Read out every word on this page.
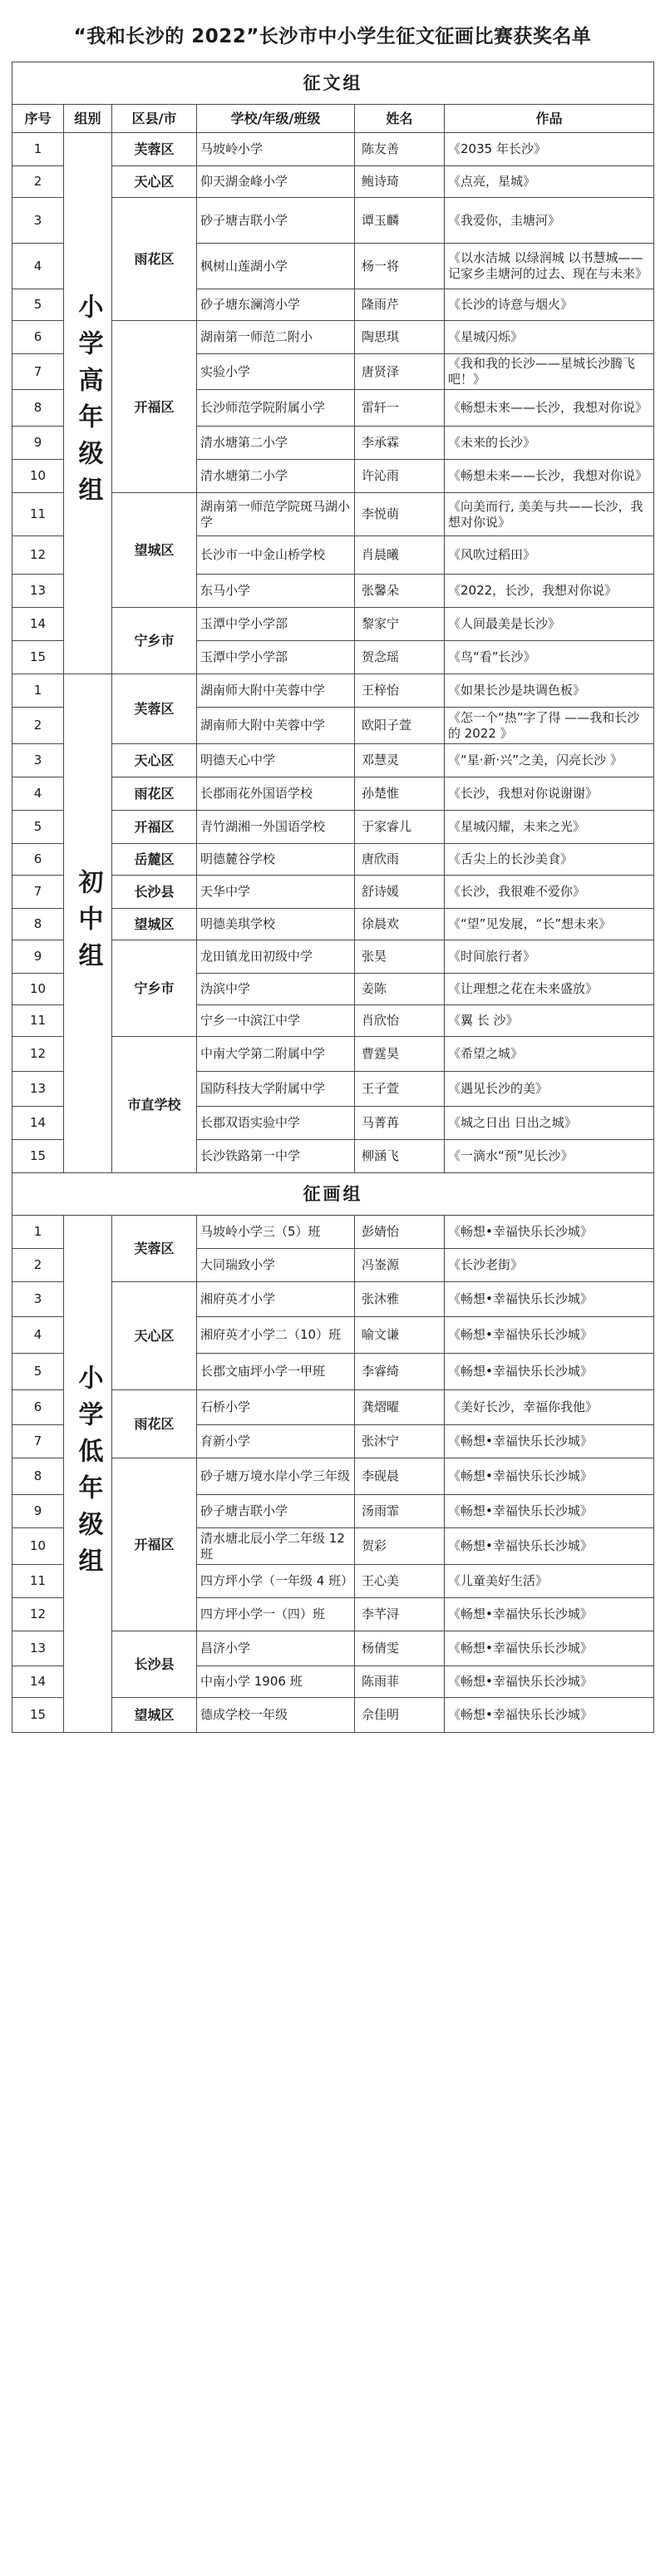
“我和长沙的 2022”长沙市中小学生征文征画比赛获奖名单
征文组					
序号	组别	区县/市	学校/年级/班级	姓名	作品
1	小学高年级组	芙蓉区	马坡岭小学	陈友善	《2035 年长沙》
2		天心区	仰天湖金峰小学	鲍诗琦	《点亮，星城》
3		雨花区	砂子塘吉联小学	谭玉麟	《我爱你，圭塘河》
4			枫树山莲湖小学	杨一将	《以水洁城 以绿润城 以书慧城——记家乡圭塘河的过去、现在与未来》
5			砂子塘东澜湾小学	隆雨芹	《长沙的诗意与烟火》
6		开福区	湖南第一师范二附小	陶思琪	《星城闪烁》
7			实验小学	唐贤泽	《我和我的长沙——星城长沙腾飞吧！》
8			长沙师范学院附属小学	雷轩一	《畅想未来——长沙，我想对你说》
9			清水塘第二小学	李承霖	《未来的长沙》
10			清水塘第二小学	许沁雨	《畅想未来——长沙，我想对你说》
11		望城区	湖南第一师范学院斑马湖小学	李悦萌	《向美而行, 美美与共——长沙，我想对你说》
12			长沙市一中金山桥学校	肖晨曦	《风吹过稻田》
13			东马小学	张馨朵	《2022，长沙，我想对你说》
14		宁乡市	玉潭中学小学部	黎家宁	《人间最美是长沙》
15			玉潭中学小学部	贺念瑶	《鸟“看”长沙》
1	初中组	芙蓉区	湖南师大附中芙蓉中学	王梓怡	《如果长沙是块调色板》
2			湖南师大附中芙蓉中学	欧阳子萱	《怎一个“热”字了得 ——我和长沙的 2022 》
3		天心区	明德天心中学	邓慧灵	《“星·新·兴”之美，闪亮长沙 》
4		雨花区	长郡雨花外国语学校	孙楚惟	《长沙，我想对你说谢谢》
5		开福区	青竹湖湘一外国语学校	于家睿儿	《星城闪耀，未来之光》
6		岳麓区	明德麓谷学校	唐欣雨	《舌尖上的长沙美食》
7		长沙县	天华中学	舒诗媛	《长沙，我很难不爱你》
8		望城区	明德美琪学校	徐晨欢	《“望”见发展，“长”想未来》
9		宁乡市	龙田镇龙田初级中学	张昊	《时间旅行者》
10			沩滨中学	姜陈	《让理想之花在未来盛放》
11			宁乡一中滨江中学	肖欣怡	《翼 长 沙》
12		市直学校	中南大学第二附属中学	曹霆昊	《希望之城》
13			国防科技大学附属中学	王子萱	《遇见长沙的美》
14			长郡双语实验中学	马菁苒	《城之日出 日出之城》
15			长沙铁路第一中学	柳涵飞	《一滴水“预”见长沙》
征画组					
1	小学低年级组	芙蓉区	马坡岭小学三（5）班	彭婧怡	《畅想•幸福快乐长沙城》
2			大同瑞致小学	冯崟源	《长沙老街》
3		天心区	湘府英才小学	张沐雅	《畅想•幸福快乐长沙城》
4			湘府英才小学二（10）班	喻文谦	《畅想•幸福快乐长沙城》
5			长郡文庙坪小学一甲班	李睿绮	《畅想•幸福快乐长沙城》
6		雨花区	石桥小学	龚熠曜	《美好长沙，幸福你我他》
7			育新小学	张沐宁	《畅想•幸福快乐长沙城》
8		开福区	砂子塘万境水岸小学三年级	李砚晨	《畅想•幸福快乐长沙城》
9			砂子塘吉联小学	汤雨霏	《畅想•幸福快乐长沙城》
10			清水塘北辰小学二年级 12 班	贺彩	《畅想•幸福快乐长沙城》
11			四方坪小学（一年级 4 班）	王心美	《儿童美好生活》
12			四方坪小学一（四）班	李芊浔	《畅想•幸福快乐长沙城》
13		长沙县	昌济小学	杨倩雯	《畅想•幸福快乐长沙城》
14			中南小学 1906 班	陈雨菲	《畅想•幸福快乐长沙城》
15		望城区	德成学校一年级	佘佳明	《畅想•幸福快乐长沙城》
